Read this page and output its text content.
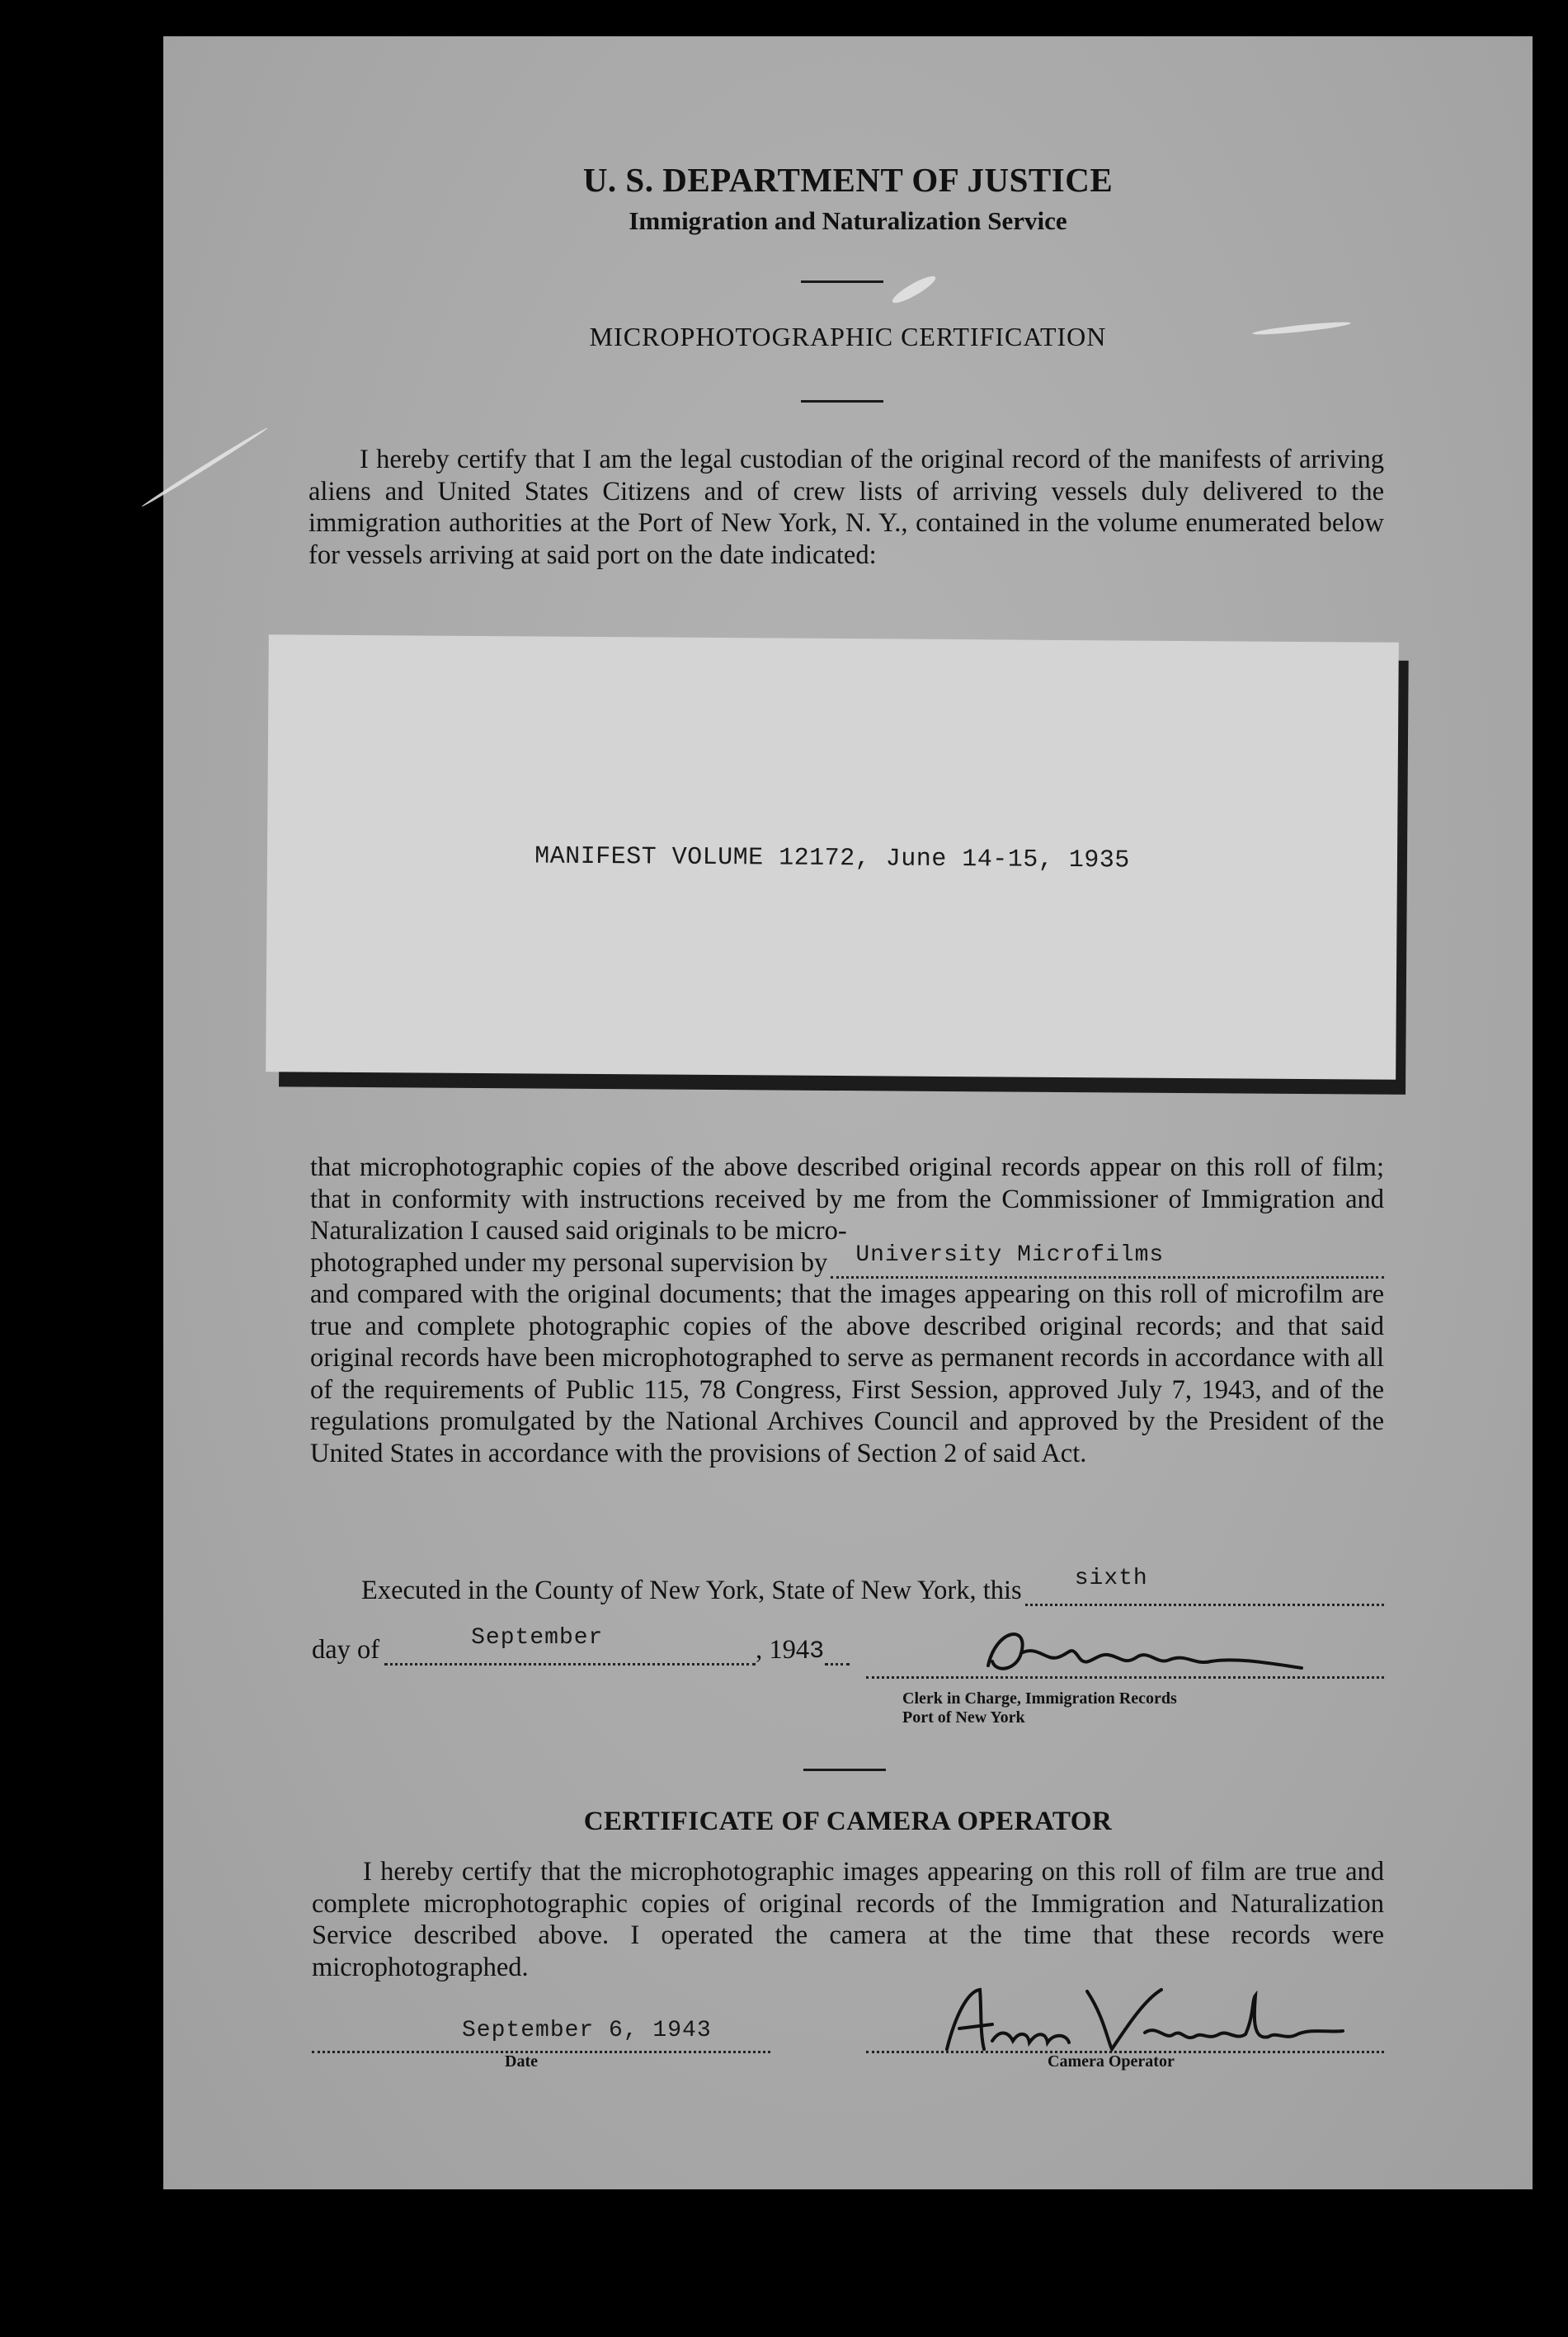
U. S. DEPARTMENT OF JUSTICE
Immigration and Naturalization Service
MICROPHOTOGRAPHIC CERTIFICATION

I hereby certify that I am the legal custodian of the original record of the manifests of arriving aliens and United States Citizens and of crew lists of arriving vessels duly delivered to the immigration authorities at the Port of New York, N. Y., contained in the volume enumerated below for vessels arriving at said port on the date indicated:

MANIFEST VOLUME 12172, June 14-15, 1935
that microphotographic copies of the above described original records appear on this roll of film; that in conformity with instructions received by me from the Commissioner of Immigration and Naturalization I caused said originals to be micro-
photographed under my personal supervision by University Microfilms
and compared with the original documents; that the images appearing on this roll of microfilm are true and complete photographic copies of the above described original records; and that said original records have been microphotographed to serve as permanent records in accordance with all of the requirements of Public 115, 78 Congress, First Session, approved July 7, 1943, and of the regulations promulgated by the National Archives Council and approved by the President of the United States in accordance with the provisions of Section 2 of said Act.
Executed in the County of New York, State of New York, this sixth
day of	September	, 194 3
Clerk in Charge, Immigration Records
Port of New York
CERTIFICATE OF CAMERA OPERATOR

I hereby certify that the microphotographic images appearing on this roll of film are true and complete microphotographic copies of original records of the Immigration and Naturalization Service described above. I operated the camera at the time that these records were microphotographed.

September 6, 1943
Date	Camera Operator
